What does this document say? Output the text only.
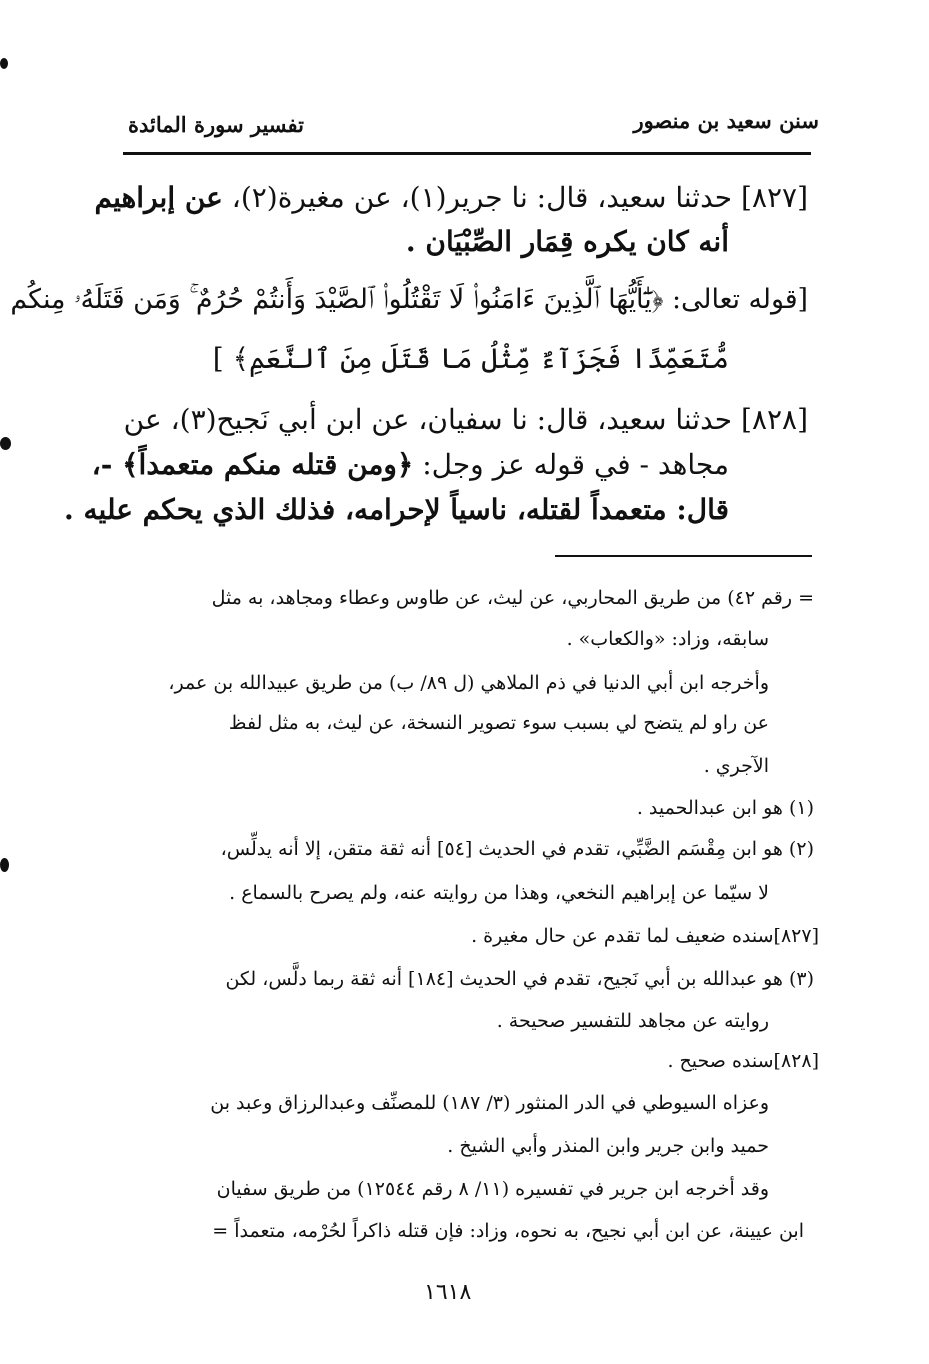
سنن سعيد بن منصور
تفسير سورة المائدة
[٨٢٧] حدثنا سعيد، قال: نا جرير(١)، عن مغيرة(٢)، عن إبراهيم
أنه كان يكره قِمَار الصِّبْيَان .
[قوله تعالى: ﴿يَٰٓأَيُّهَا ٱلَّذِينَ ءَامَنُوا۟ لَا تَقْتُلُوا۟ ٱلصَّيْدَ وَأَنتُمْ حُرُمٌ ۚ وَمَن قَتَلَهُۥ مِنكُم
مُّتَعَمِّدًا فَجَزَآءٌ مِّثْلُ مَا قَتَلَ مِنَ ٱلنَّعَمِ﴾ ]
[٨٢٨] حدثنا سعيد، قال: نا سفيان، عن ابن أبي نَجيح(٣)، عن
مجاهد - في قوله عز وجل: ﴿ومن قتله منكم متعمداً﴾ -،
قال: متعمداً لقتله، ناسياً لإحرامه، فذلك الذي يحكم عليه .
= رقم ٤٢) من طريق المحاربي، عن ليث، عن طاوس وعطاء ومجاهد، به مثل
سابقه، وزاد: «والكعاب» .
وأخرجه ابن أبي الدنيا في ذم الملاهي (ل ٨٩/ ب) من طريق عبيدالله بن عمر،
عن راو لم يتضح لي بسبب سوء تصوير النسخة، عن ليث، به مثل لفظ
الآجري .
(١) هو ابن عبدالحميد .
(٢) هو ابن مِقْسَم الضَّبِّي، تقدم في الحديث [٥٤] أنه ثقة متقن، إلا أنه يدلِّس،
لا سيّما عن إبراهيم النخعي، وهذا من روايته عنه، ولم يصرح بالسماع .
[٨٢٧]سنده ضعيف لما تقدم عن حال مغيرة .
(٣) هو عبدالله بن أبي نَجيح، تقدم في الحديث [١٨٤] أنه ثقة ربما دلَّس، لكن
روايته عن مجاهد للتفسير صحيحة .
[٨٢٨]سنده صحيح .
وعزاه السيوطي في الدر المنثور (٣/ ١٨٧) للمصنِّف وعبدالرزاق وعبد بن
حميد وابن جرير وابن المنذر وأبي الشيخ .
وقد أخرجه ابن جرير في تفسيره (١١/ ٨ رقم ١٢٥٤٤) من طريق سفيان
ابن عيينة، عن ابن أبي نجيح، به نحوه، وزاد: فإن قتله ذاكراً لحُرْمه، متعمداً =
١٦١٨
